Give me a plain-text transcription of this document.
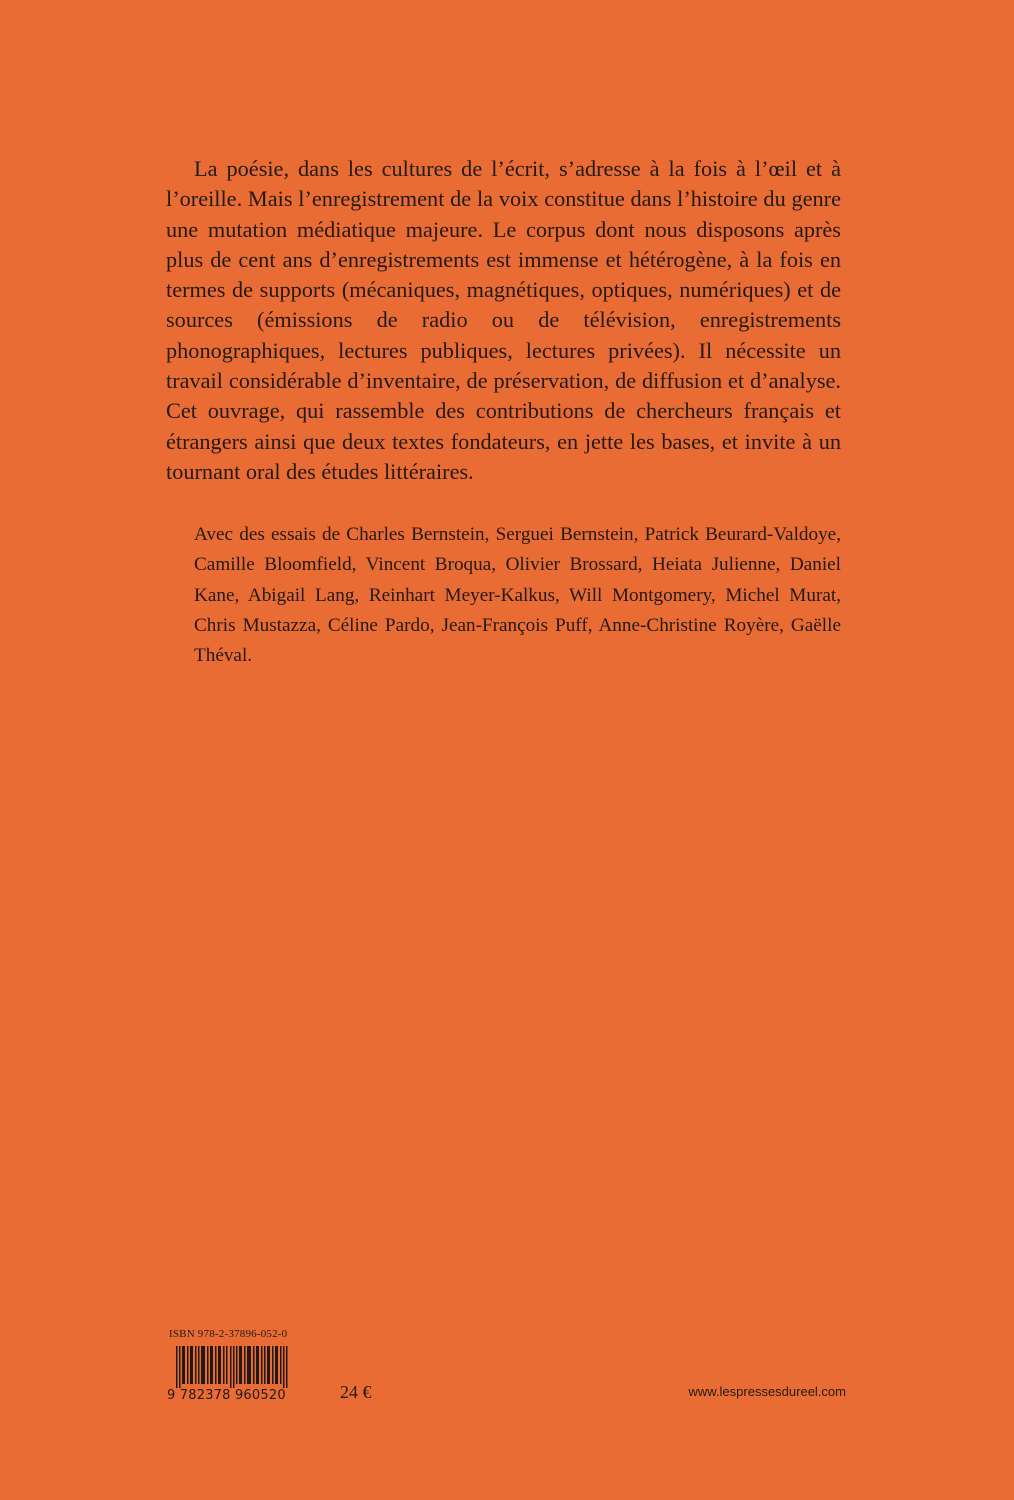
La poésie, dans les cultures de l’écrit, s’adresse à la fois à l’œil et à l’oreille. Mais l’enregistrement de la voix constitue dans l’histoire du genre une mutation médiatique majeure. Le corpus dont nous disposons après plus de cent ans d’enregistrements est immense et hétérogène, à la fois en termes de supports (mécaniques, magnétiques, optiques, numériques) et de sources (émissions de radio ou de télévision, enregistrements phonographiques, lectures publiques, lectures privées). Il nécessite un travail considérable d’inventaire, de préservation, de diffusion et d’analyse. Cet ouvrage, qui rassemble des contributions de chercheurs français et étrangers ainsi que deux textes fondateurs, en jette les bases, et invite à un tournant oral des études littéraires.

Avec des essais de Charles Bernstein, Serguei Bernstein, Patrick Beurard-Valdoye, Camille Bloomfield, Vincent Broqua, Olivier Brossard, Heiata Julienne, Daniel Kane, Abigail Lang, Reinhart Meyer-Kalkus, Will Montgomery, Michel Murat, Chris Mustazza, Céline Pardo, Jean-François Puff, Anne-Christine Royère, Gaëlle Théval.

ISBN 978-2-37896-052-0
9 782378 960520	24 €	www.lespressesdureel.com
